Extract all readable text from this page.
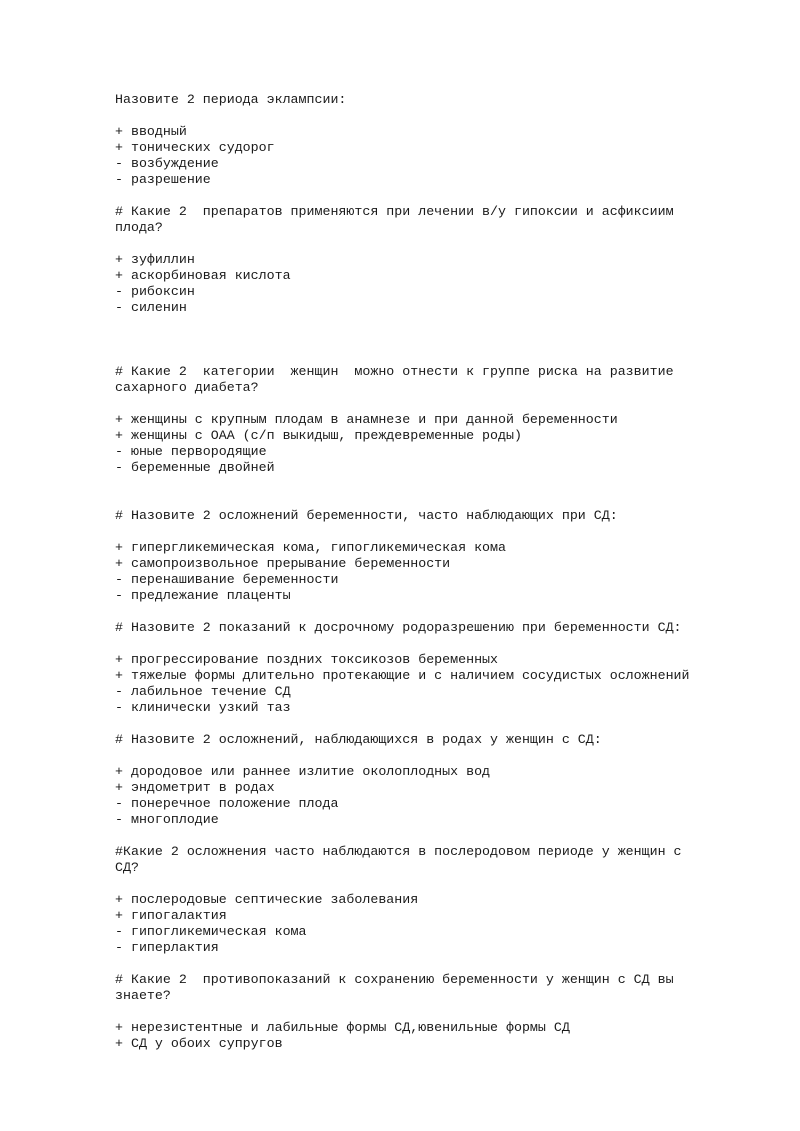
Назовите 2 периода эклампсии:
+ вводный
+ тонических судорог
- возбуждение
- разрешение
# Какие 2  препаратов применяются при лечении в/у гипоксии и асфиксиим
плода?
+ зуфиллин
+ аскорбиновая кислота
- рибоксин
- силенин
# Какие 2  категории  женщин  можно отнести к группе риска на развитие
сахарного диабета?
+ женщины с крупным плодам в анамнезе и при данной беременности
+ женщины с ОАА (с/п выкидыш, преждевременные роды)
- юные первородящие
- беременные двойней
# Назовите 2 осложнений беременности, часто наблюдающих при СД:
+ гипергликемическая кома, гипогликемическая кома
+ самопроизвольное прерывание беременности
- перенашивание беременности
- предлежание плаценты
# Назовите 2 показаний к досрочному родоразрешению при беременности СД:
+ прогрессирование поздних токсикозов беременных
+ тяжелые формы длительно протекающие и с наличием сосудистых осложнений
- лабильное течение СД
- клинически узкий таз
# Назовите 2 осложнений, наблюдающихся в родах у женщин с СД:
+ дородовое или раннее излитие околоплодных вод
+ эндометрит в родах
- понеречное положение плода
- многоплодие
#Какие 2 осложнения часто наблюдаются в послеродовом периоде у женщин с
СД?
+ послеродовые септические заболевания
+ гипогалактия
- гипогликемическая кома
- гиперлактия
# Какие 2  противопоказаний к сохранению беременности у женщин с СД вы
знаете?
+ нерезистентные и лабильные формы СД,ювенильные формы СД
+ СД у обоих супругов
